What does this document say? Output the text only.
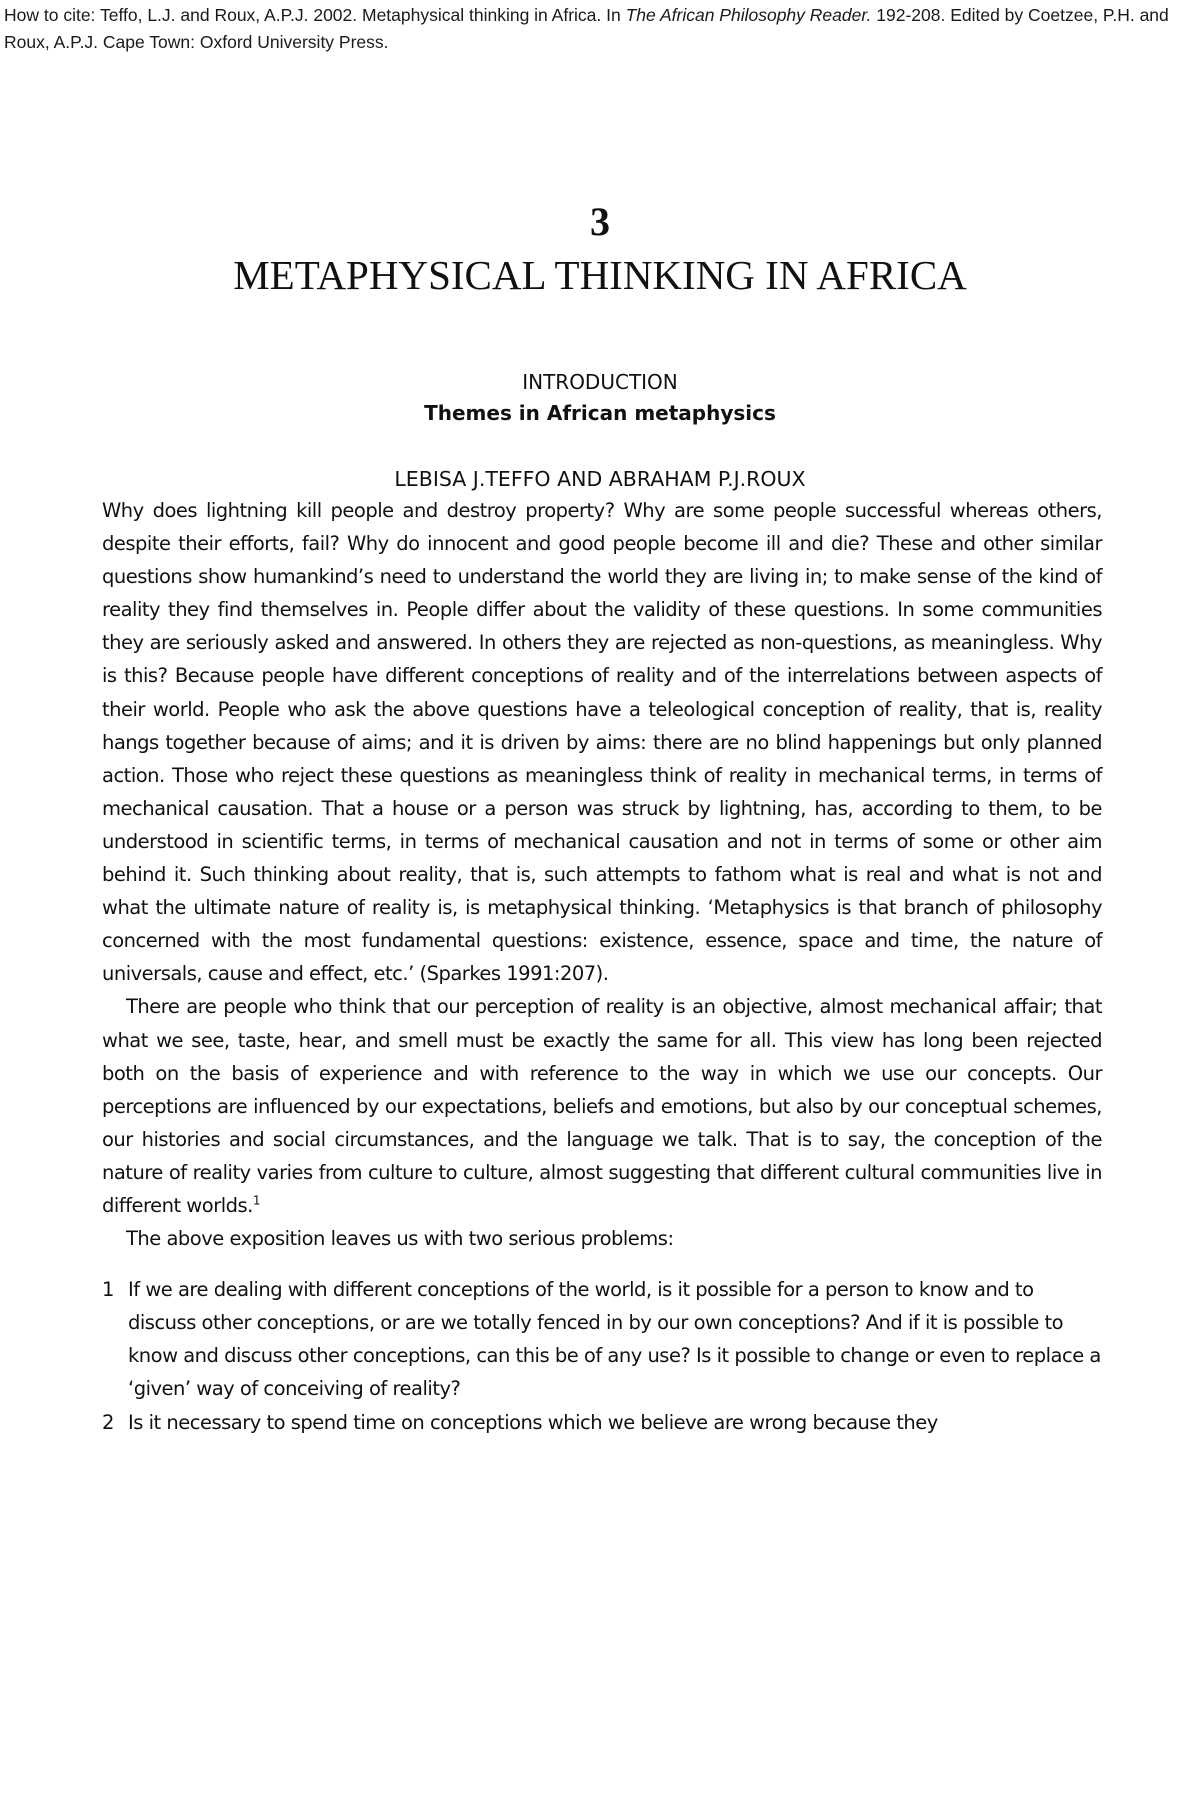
How to cite: Teffo, L.J. and Roux, A.P.J. 2002. Metaphysical thinking in Africa. In The African Philosophy Reader. 192-208. Edited by Coetzee, P.H. and Roux, A.P.J. Cape Town: Oxford University Press.

3
METAPHYSICAL THINKING IN AFRICA
INTRODUCTION
Themes in African metaphysics
LEBISA J.TEFFO AND ABRAHAM P.J.ROUX

Why does lightning kill people and destroy property? Why are some people successful whereas others, despite their efforts, fail? Why do innocent and good people become ill and die? These and other similar questions show humankind’s need to understand the world they are living in; to make sense of the kind of reality they find themselves in. People differ about the validity of these questions. In some communities they are seriously asked and answered. In others they are rejected as non-questions, as meaningless. Why is this? Because people have different conceptions of reality and of the interrelations between aspects of their world. People who ask the above questions have a teleological conception of reality, that is, reality hangs together because of aims; and it is driven by aims: there are no blind happenings but only planned action. Those who reject these questions as meaningless think of reality in mechanical terms, in terms of mechanical causation. That a house or a person was struck by lightning, has, according to them, to be understood in scientific terms, in terms of mechanical causation and not in terms of some or other aim behind it. Such thinking about reality, that is, such attempts to fathom what is real and what is not and what the ultimate nature of reality is, is metaphysical thinking. ‘Metaphysics is that branch of philosophy concerned with the most fundamental questions: existence, essence, space and time, the nature of universals, cause and effect, etc.’ (Sparkes 1991:207).

There are people who think that our perception of reality is an objective, almost mechanical affair; that what we see, taste, hear, and smell must be exactly the same for all. This view has long been rejected both on the basis of experience and with reference to the way in which we use our concepts. Our perceptions are influenced by our expectations, beliefs and emotions, but also by our conceptual schemes, our histories and social circumstances, and the language we talk. That is to say, the conception of the nature of reality varies from culture to culture, almost suggesting that different cultural communities live in different worlds.$^1$

The above exposition leaves us with two serious problems:

1 If we are dealing with different conceptions of the world, is it possible for a person to know and to discuss other conceptions, or are we totally fenced in by our own conceptions? And if it is possible to know and discuss other conceptions, can this be of any use? Is it possible to change or even to replace a ‘given’ way of conceiving of reality?
2 Is it necessary to spend time on conceptions which we believe are wrong because they
